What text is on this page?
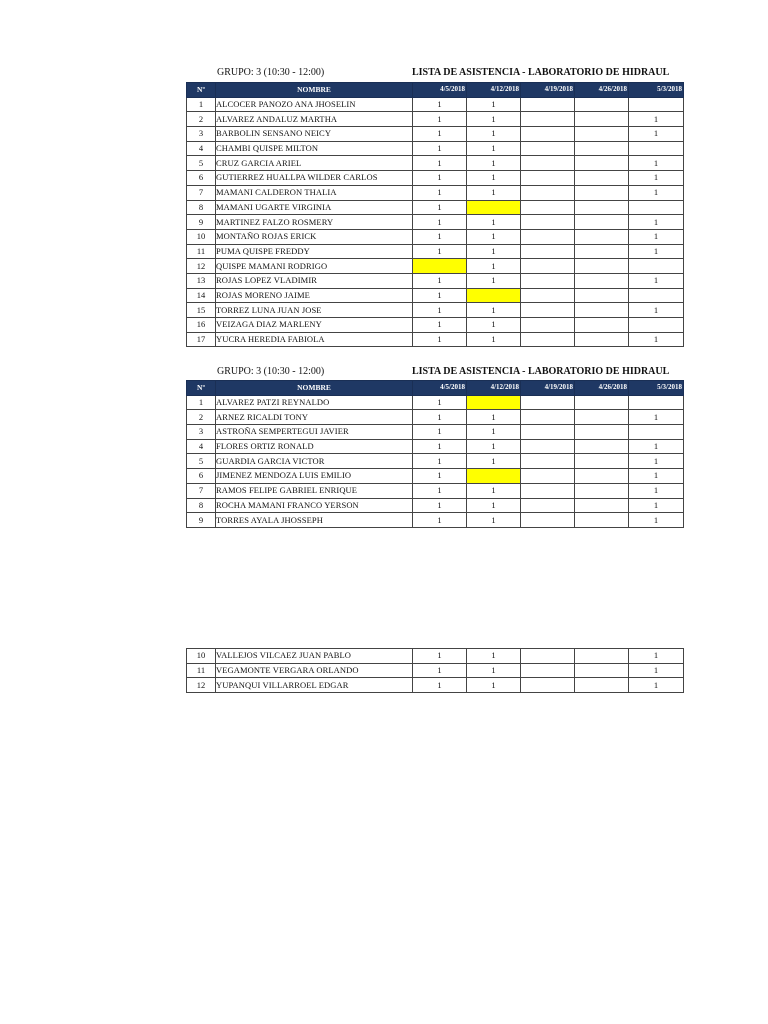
GRUPO: 3 (10:30 - 12:00)	LISTA DE ASISTENCIA - LABORATORIO DE HIDRAUL
Nº	NOMBRE	4/5/2018	4/12/2018	4/19/2018	4/26/2018	5/3/2018
1	ALCOCER PANOZO ANA JHOSELIN	1	1			
2	ALVAREZ ANDALUZ MARTHA	1	1			1
3	BARBOLIN SENSANO NEICY	1	1			1
4	CHAMBI QUISPE MILTON	1	1			
5	CRUZ GARCIA ARIEL	1	1			1
6	GUTIERREZ HUALLPA WILDER CARLOS	1	1			1
7	MAMANI CALDERON THALIA	1	1			1
8	MAMANI UGARTE VIRGINIA	1				
9	MARTINEZ FALZO ROSMERY	1	1			1
10	MONTAÑO ROJAS ERICK	1	1			1
11	PUMA QUISPE FREDDY	1	1			1
12	QUISPE MAMANI RODRIGO		1			
13	ROJAS LOPEZ VLADIMIR	1	1			1
14	ROJAS MORENO JAIME	1				
15	TORREZ LUNA JUAN JOSE	1	1			1
16	VEIZAGA DIAZ MARLENY	1	1			
17	YUCRA HEREDIA FABIOLA	1	1			1
GRUPO: 3 (10:30 - 12:00)	LISTA DE ASISTENCIA - LABORATORIO DE HIDRAUL
Nº	NOMBRE	4/5/2018	4/12/2018	4/19/2018	4/26/2018	5/3/2018
1	ALVAREZ PATZI REYNALDO	1				
2	ARNEZ RICALDI TONY	1	1			1
3	ASTROÑA SEMPERTEGUI JAVIER	1	1			
4	FLORES ORTIZ RONALD	1	1			1
5	GUARDIA GARCIA VICTOR	1	1			1
6	JIMENEZ MENDOZA LUIS EMILIO	1				1
7	RAMOS FELIPE GABRIEL ENRIQUE	1	1			1
8	ROCHA MAMANI FRANCO YERSON	1	1			1
9	TORRES AYALA JHOSSEPH	1	1			1
10	VALLEJOS VILCAEZ JUAN PABLO	1	1			1
11	VEGAMONTE VERGARA ORLANDO	1	1			1
12	YUPANQUI VILLARROEL EDGAR	1	1			1
